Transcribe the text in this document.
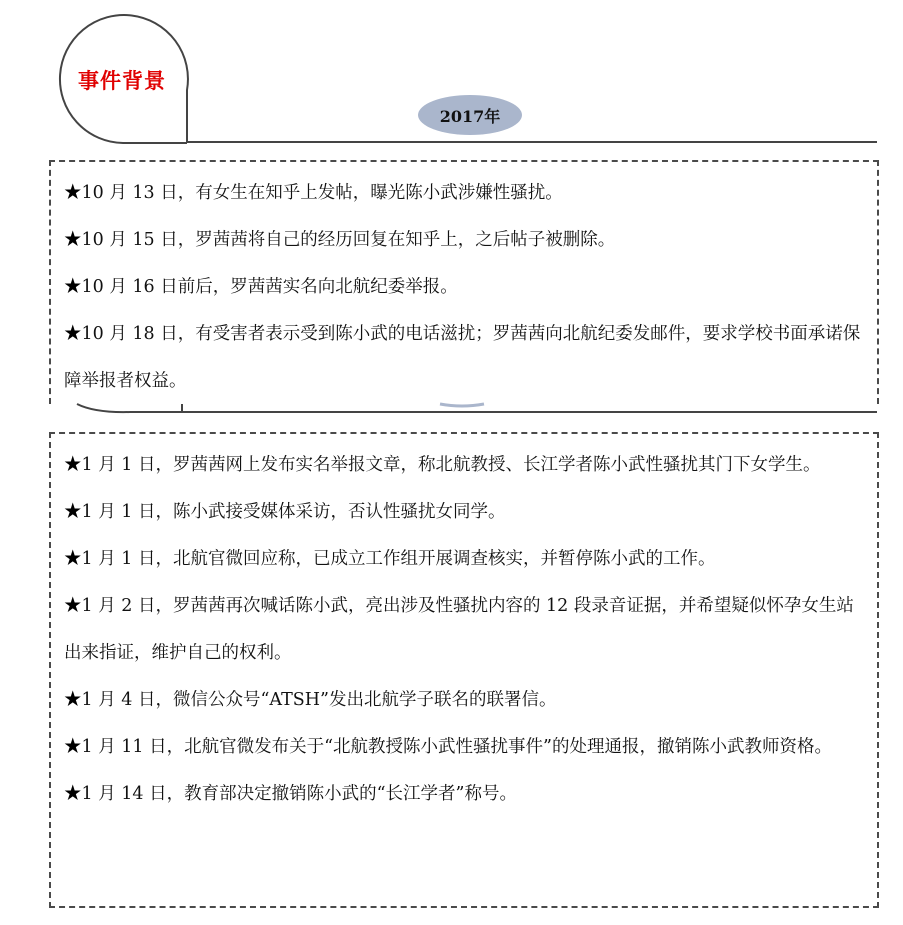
事件背景
2017年

★10 月 13 日，有女生在知乎上发帖，曝光陈小武涉嫌性骚扰。

★10 月 15 日，罗茜茜将自己的经历回复在知乎上，之后帖子被删除。

★10 月 16 日前后，罗茜茜实名向北航纪委举报。

★10 月 18 日，有受害者表示受到陈小武的电话滋扰；罗茜茜向北航纪委发邮件，要求学校书面承诺保障举报者权益。

★1 月 1 日，罗茜茜网上发布实名举报文章，称北航教授、长江学者陈小武性骚扰其门下女学生。

★1 月 1 日，陈小武接受媒体采访，否认性骚扰女同学。

★1 月 1 日，北航官微回应称，已成立工作组开展调查核实，并暂停陈小武的工作。

★1 月 2 日，罗茜茜再次喊话陈小武，亮出涉及性骚扰内容的 12 段录音证据，并希望疑似怀孕女生站出来指证，维护自己的权利。

★1 月 4 日，微信公众号“ATSH”发出北航学子联名的联署信。

★1 月 11 日，北航官微发布关于“北航教授陈小武性骚扰事件”的处理通报，撤销陈小武教师资格。

★1 月 14 日，教育部决定撤销陈小武的“长江学者”称号。
